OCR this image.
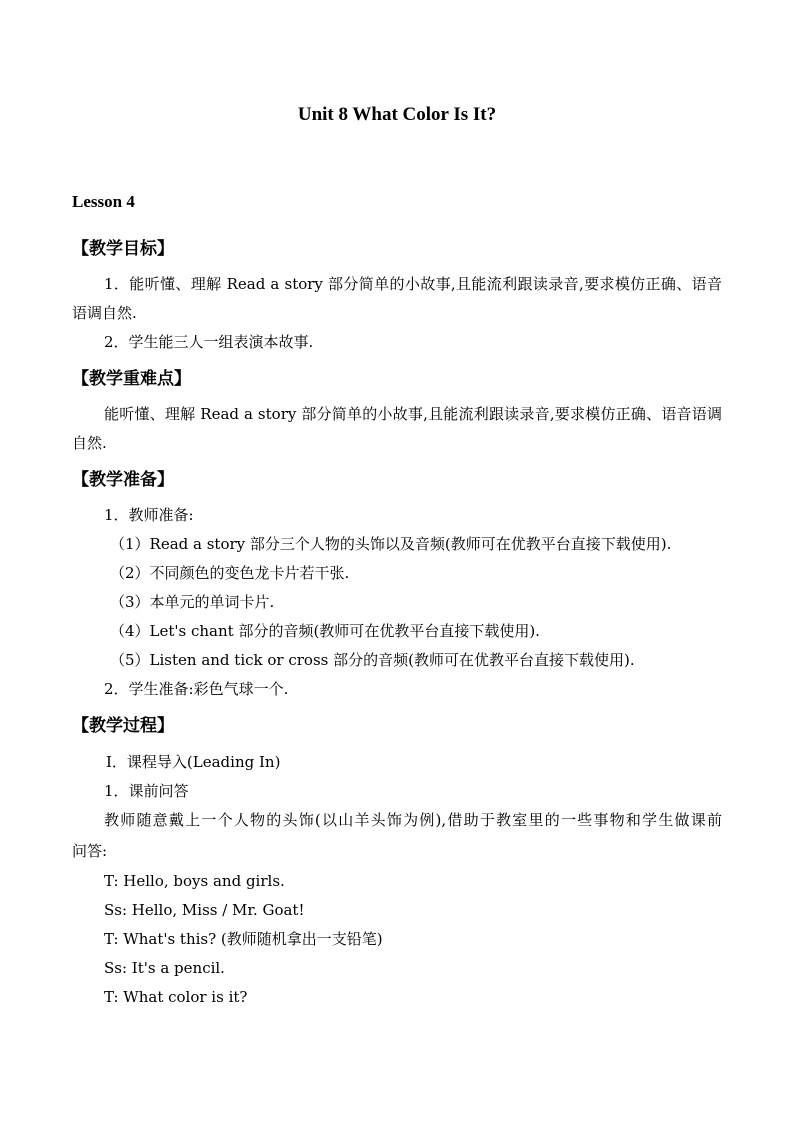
Unit 8 What Color Is It?
Lesson 4
【教学目标】
1．能听懂、理解 Read a story 部分简单的小故事,且能流利跟读录音,要求模仿正确、语音
语调自然.
2．学生能三人一组表演本故事.
【教学重难点】
能听懂、理解 Read a story 部分简单的小故事,且能流利跟读录音,要求模仿正确、语音语调
自然.
【教学准备】
1．教师准备:
（1）Read a story 部分三个人物的头饰以及音频(教师可在优教平台直接下载使用).
（2）不同颜色的变色龙卡片若干张.
（3）本单元的单词卡片.
（4）Let's chant 部分的音频(教师可在优教平台直接下载使用).
（5）Listen and tick or cross 部分的音频(教师可在优教平台直接下载使用).
2．学生准备:彩色气球一个.
【教学过程】
Ⅰ．课程导入(Leading In)
1．课前问答
教师随意戴上一个人物的头饰(以山羊头饰为例),借助于教室里的一些事物和学生做课前
问答:
T: Hello, boys and girls.
Ss: Hello, Miss / Mr. Goat!
T: What's this? (教师随机拿出一支铅笔)
Ss: It's a pencil.
T: What color is it?
